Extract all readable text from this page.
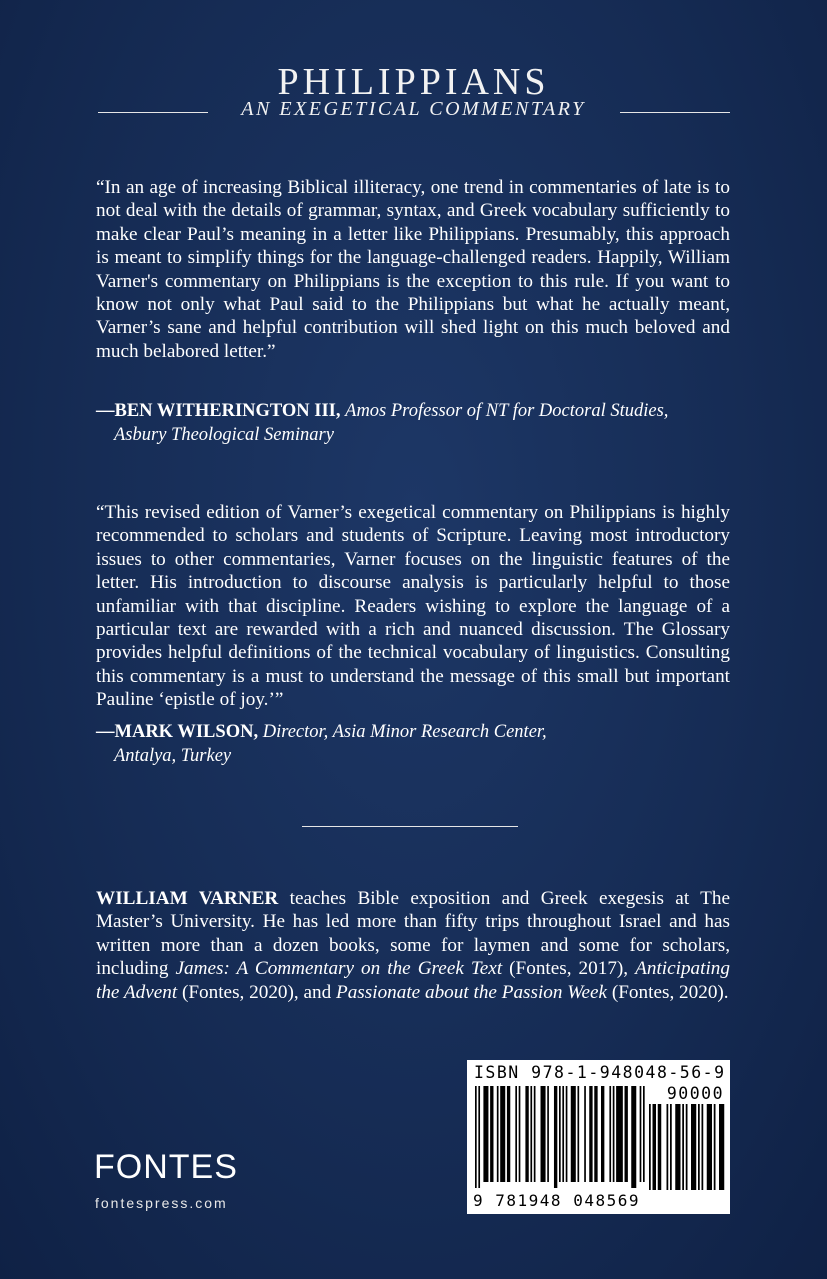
PHILIPPIANS
AN EXEGETICAL COMMENTARY

“In an age of increasing Biblical illiteracy, one trend in commentaries of late is to not deal with the details of grammar, syntax, and Greek vocabulary sufficiently to make clear Paul’s meaning in a letter like Philippians. Presumably, this approach is meant to simplify things for the language-challenged readers. Happily, William Varner's commentary on Philippians is the exception to this rule. If you want to know not only what Paul said to the Philippians but what he actually meant, Varner’s sane and helpful contribution will shed light on this much beloved and much belabored letter.”

—BEN WITHERINGTON III, Amos Professor of NT for Doctoral Studies,
Asbury Theological Seminary

“This revised edition of Varner’s exegetical commentary on Philippians is highly recommended to scholars and students of Scripture. Leaving most introductory issues to other commentaries, Varner focuses on the linguistic features of the letter. His introduction to discourse analysis is particularly helpful to those unfamiliar with that discipline. Readers wishing to explore the language of a particular text are rewarded with a rich and nuanced discussion. The Glossary provides helpful definitions of the technical vocabulary of linguistics. Consulting this commentary is a must to understand the message of this small but important Pauline ‘epistle of joy.’”

—MARK WILSON, Director, Asia Minor Research Center,
Antalya, Turkey

WILLIAM VARNER teaches Bible exposition and Greek exegesis at The Master’s University. He has led more than fifty trips throughout Israel and has written more than a dozen books, some for laymen and some for scholars, including James: A Commentary on the Greek Text (Fontes, 2017), Anticipating the Advent (Fontes, 2020), and Passionate about the Passion Week (Fontes, 2020).

FONTES
fontespress.com
ISBN 978-1-948048-56-9
90000
9 781948 048569
